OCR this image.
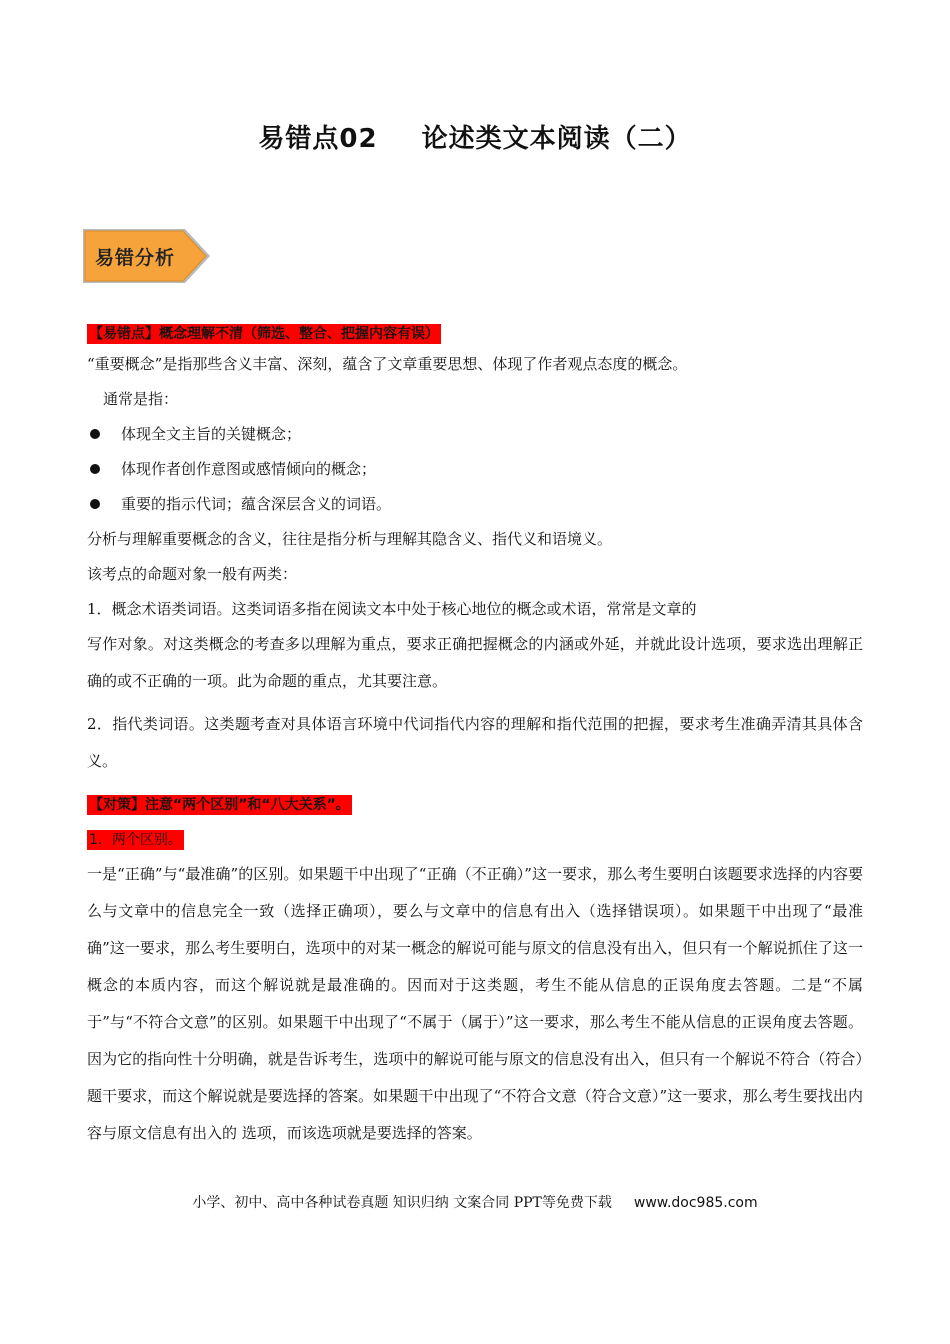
易错点02 论述类文本阅读（二）
易错分析
【易错点】概念理解不清（筛选、整合、把握内容有误）

“重要概念”是指那些含义丰富、深刻，蕴含了文章重要思想、体现了作者观点态度的概念。

通常是指：

体现全文主旨的关键概念；
体现作者创作意图或感情倾向的概念；
重要的指示代词；蕴含深层含义的词语。

分析与理解重要概念的含义，往往是指分析与理解其隐含义、指代义和语境义。

该考点的命题对象一般有两类：

1．概念术语类词语。这类词语多指在阅读文本中处于核心地位的概念或术语，常常是文章的

写作对象。对这类概念的考查多以理解为重点，要求正确把握概念的内涵或外延，并就此设计选项，要求选出理解正确的或不正确的一项。此为命题的重点，尤其要注意。

2．指代类词语。这类题考查对具体语言环境中代词指代内容的理解和指代范围的把握，要求考生准确弄清其具体含义。

【对策】注意“两个区别”和“八大关系”。
1．两个区别。

一是“正确”与“最准确”的区别。如果题干中出现了“正确（不正确）”这一要求，那么考生要明白该题要求选择的内容要么与文章中的信息完全一致（选择正确项），要么与文章中的信息有出入（选择错误项）。如果题干中出现了“最准确”这一要求，那么考生要明白，选项中的对某一概念的解说可能与原文的信息没有出入，但只有一个解说抓住了这一概念的本质内容，而这个解说就是最准确的。因而对于这类题，考生不能从信息的正误角度去答题。二是“不属于”与“不符合文意”的区别。如果题干中出现了“不属于（属于）”这一要求，那么考生不能从信息的正误角度去答题。因为它的指向性十分明确，就是告诉考生，选项中的解说可能与原文的信息没有出入，但只有一个解说不符合（符合）题干要求，而这个解说就是要选择的答案。如果题干中出现了“不符合文意（符合文意）”这一要求，那么考生要找出内容与原文信息有出入的 选项，而该选项就是要选择的答案。

小学、初中、高中各种试卷真题 知识归纳 文案合同 PPT等免费下载 www.doc985.com
